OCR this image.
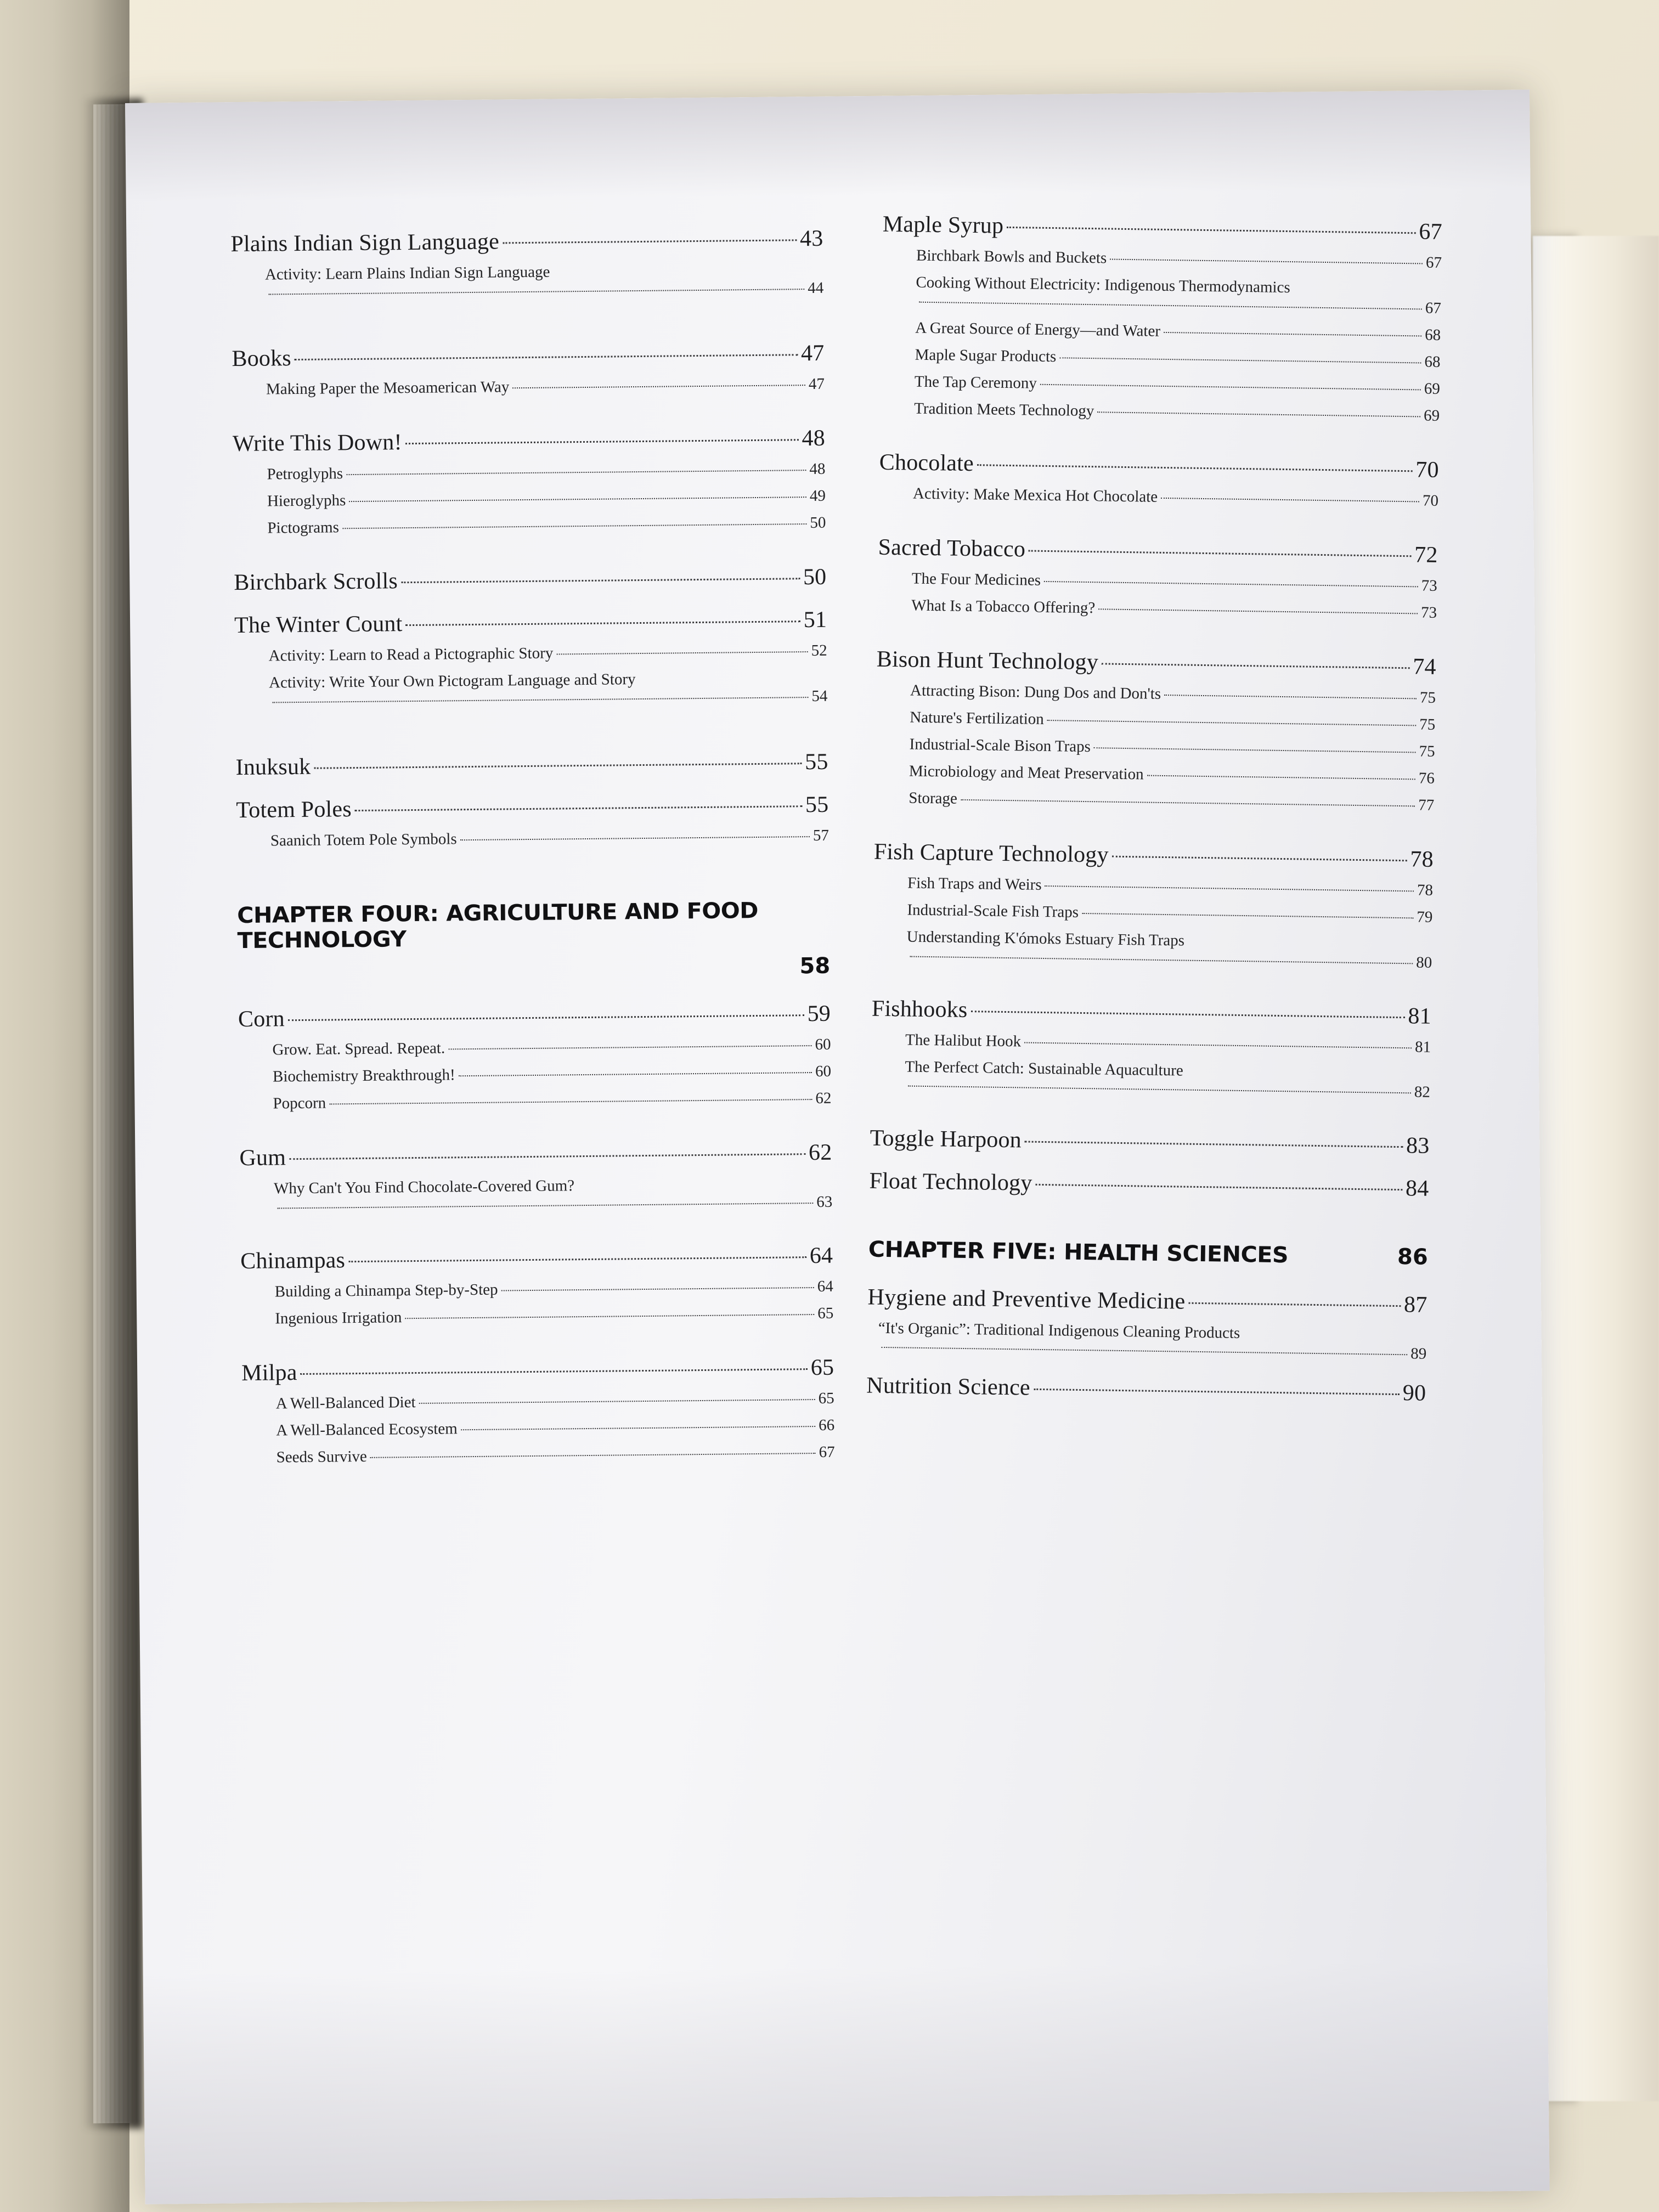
Plains Indian Sign Language	43
Activity: Learn Plains Indian Sign Language
44
Books	47
Making Paper the Mesoamerican Way	47
Write This Down!	48
Petroglyphs	48
Hieroglyphs	49
Pictograms	50
Birchbark Scrolls	50
The Winter Count	51
Activity: Learn to Read a Pictographic Story	52
Activity: Write Your Own Pictogram Language and Story
54
Inuksuk	55
Totem Poles	55
Saanich Totem Pole Symbols	57
CHAPTER FOUR: AGRICULTURE AND FOOD TECHNOLOGY
58
Corn	59
Grow. Eat. Spread. Repeat.	60
Biochemistry Breakthrough!	60
Popcorn	62
Gum	62
Why Can't You Find Chocolate-Covered Gum?
63
Chinampas	64
Building a Chinampa Step-by-Step	64
Ingenious Irrigation	65
Milpa	65
A Well-Balanced Diet	65
A Well-Balanced Ecosystem	66
Seeds Survive	67
Maple Syrup	67
Birchbark Bowls and Buckets	67
Cooking Without Electricity: Indigenous Thermodynamics
67
A Great Source of Energy—and Water	68
Maple Sugar Products	68
The Tap Ceremony	69
Tradition Meets Technology	69
Chocolate	70
Activity: Make Mexica Hot Chocolate	70
Sacred Tobacco	72
The Four Medicines	73
What Is a Tobacco Offering?	73
Bison Hunt Technology	74
Attracting Bison: Dung Dos and Don'ts	75
Nature's Fertilization	75
Industrial-Scale Bison Traps	75
Microbiology and Meat Preservation	76
Storage	77
Fish Capture Technology	78
Fish Traps and Weirs	78
Industrial-Scale Fish Traps	79
Understanding K'ómoks Estuary Fish Traps
80
Fishhooks	81
The Halibut Hook	81
The Perfect Catch: Sustainable Aquaculture
82
Toggle Harpoon	83
Float Technology	84
CHAPTER FIVE: HEALTH SCIENCES	86
Hygiene and Preventive Medicine	87
“It's Organic”: Traditional Indigenous Cleaning Products
89
Nutrition Science	90
